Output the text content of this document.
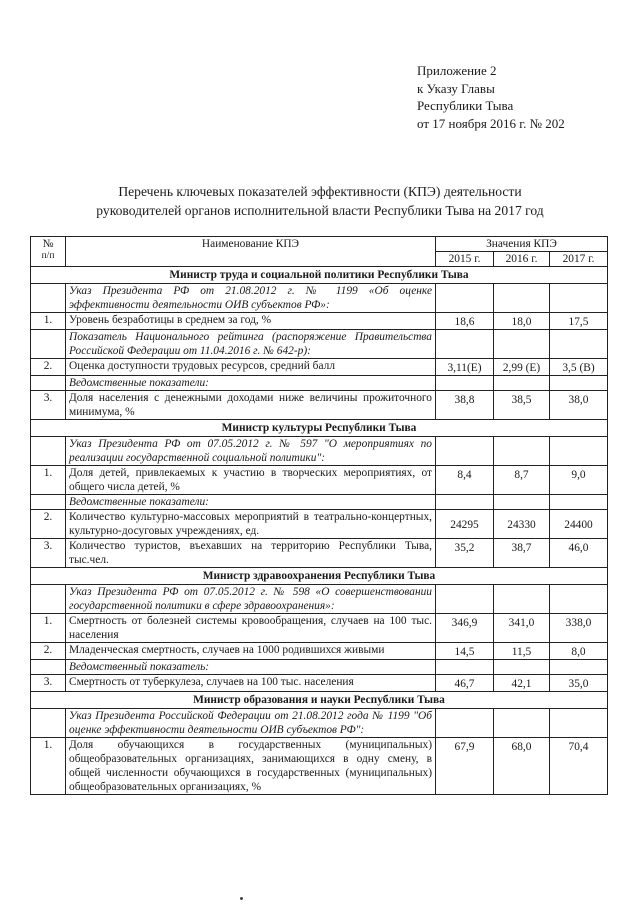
Приложение 2
к Указу Главы
Республики Тыва
от 17 ноября 2016 г. № 202
Перечень ключевых показателей эффективности (КПЭ) деятельности
руководителей органов исполнительной власти Республики Тыва на 2017 год
№
п/п	Наименование КПЭ	Значения КПЭ		
		2015 г.	2016 г.	2017 г.
Министр труда и социальной политики Республики Тыва				
	Указ Президента РФ от 21.08.2012 г. № 1199 «Об оценке эффективности деятельности ОИВ субъектов РФ»:			
1.	Уровень безработицы в среднем за год, %	18,6	18,0	17,5
	Показатель Национального рейтинга (распоряжение Правительства Российской Федерации от 11.04.2016 г. № 642-р):			
2.	Оценка доступности трудовых ресурсов, средний балл	3,11(Е)	2,99 (Е)	3,5 (В)
	Ведомственные показатели:			
3.	Доля населения с денежными доходами ниже величины прожиточного минимума, %	38,8	38,5	38,0
Министр культуры Республики Тыва				
	Указ Президента РФ от 07.05.2012 г. № 597 "О мероприятиях по реализации государственной социальной политики":			
1.	Доля детей, привлекаемых к участию в творческих мероприятиях, от общего числа детей, %	8,4	8,7	9,0
	Ведомственные показатели:			
2.	Количество культурно-массовых мероприятий в театрально-концертных, культурно-досуговых учреждениях, ед.	24295	24330	24400
3.	Количество туристов, въехавших на территорию Республики Тыва, тыс.чел.	35,2	38,7	46,0
Министр здравоохранения Республики Тыва				
	Указ Президента РФ от 07.05.2012 г. № 598 «О совершенствовании государственной политики в сфере здравоохранения»:			
1.	Смертность от болезней системы кровообращения, случаев на 100 тыс. населения	346,9	341,0	338,0
2.	Младенческая смертность, случаев на 1000 родившихся живыми	14,5	11,5	8,0
	Ведомственный показатель:			
3.	Смертность от туберкулеза, случаев на 100 тыс. населения	46,7	42,1	35,0
Министр образования и науки Республики Тыва				
	Указ Президента Российской Федерации от 21.08.2012 года № 1199 "Об оценке эффективности деятельности ОИВ субъектов РФ":			
1.	Доля обучающихся в государственных (муниципальных) общеобразовательных организациях, занимающихся в одну смену, в общей численности обучающихся в государственных (муниципальных) общеобразовательных организациях, %	67,9	68,0	70,4
